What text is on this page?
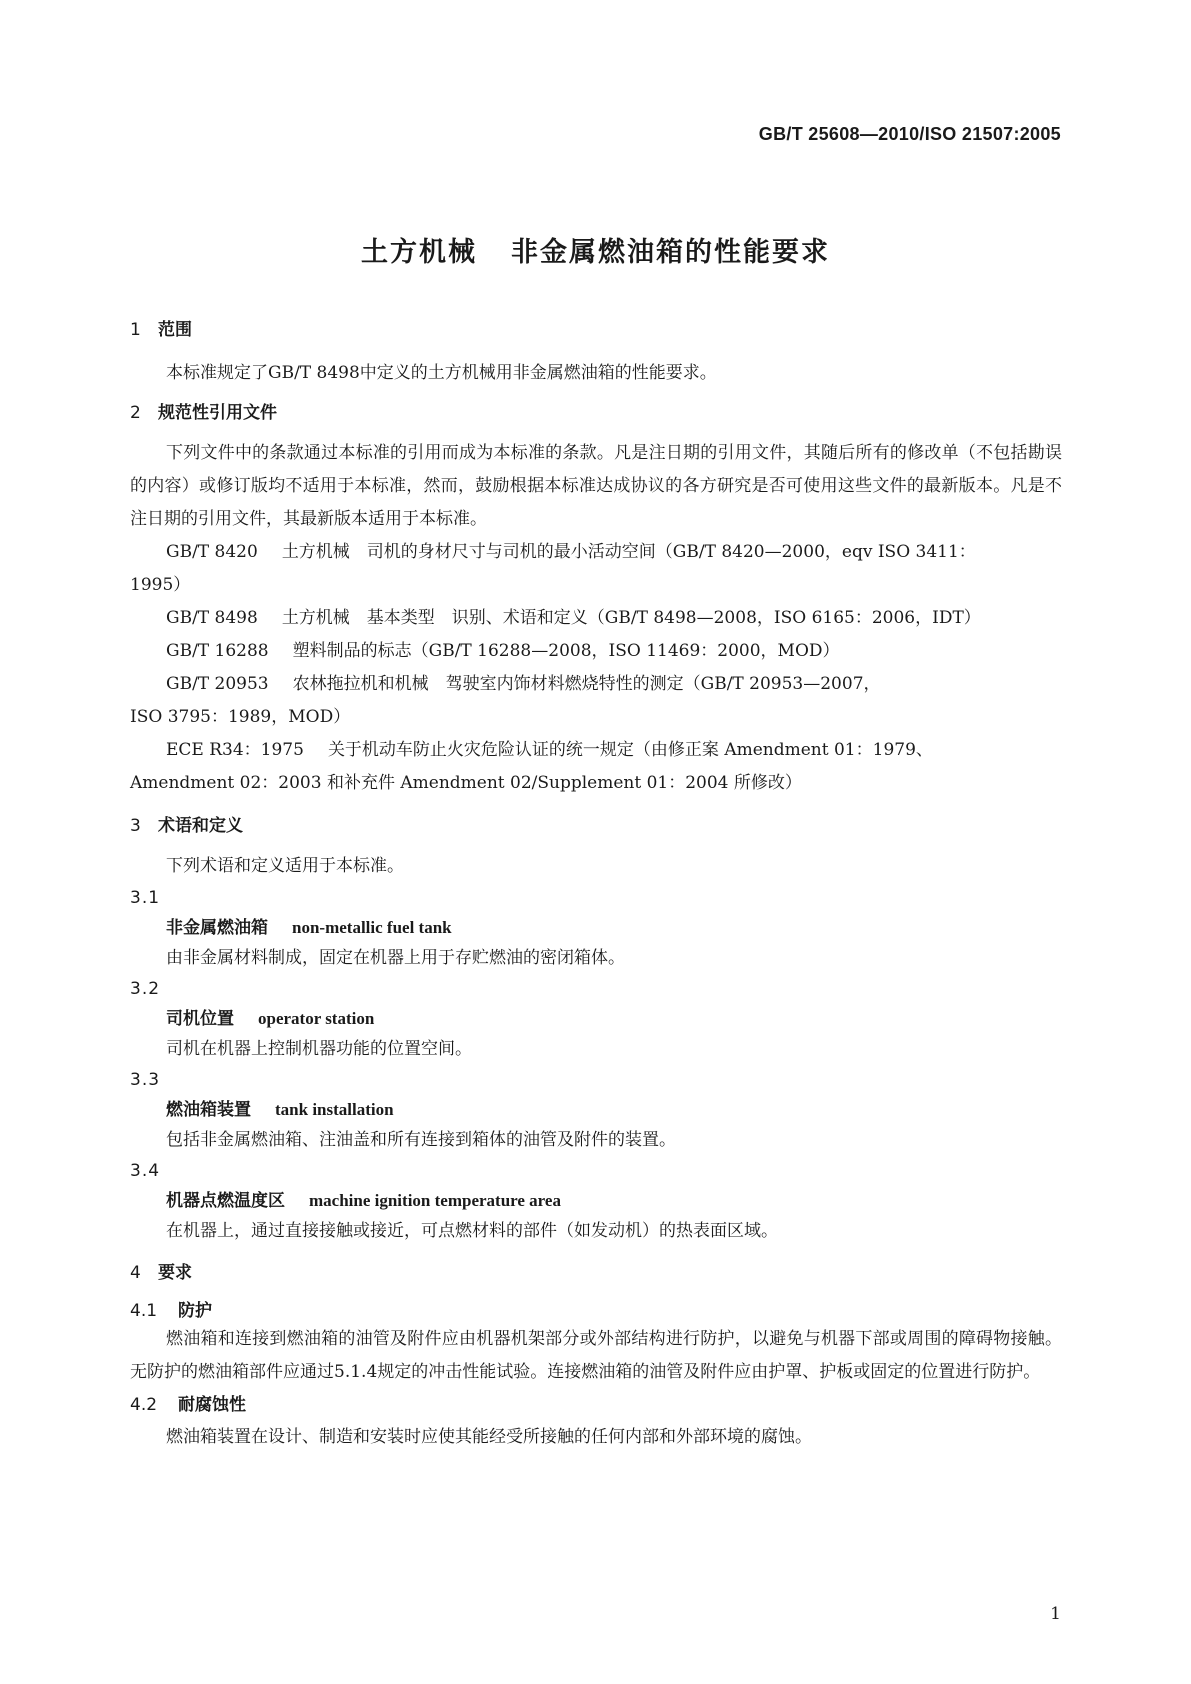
GB/T 25608—2010/ISO 21507:2005
土方机械 非金属燃油箱的性能要求
1 范围
本标准规定了GB/T 8498中定义的土方机械用非金属燃油箱的性能要求。
2 规范性引用文件
下列文件中的条款通过本标准的引用而成为本标准的条款。凡是注日期的引用文件，其随后所有的修改单（不包括勘误的内容）或修订版均不适用于本标准，然而，鼓励根据本标准达成协议的各方研究是否可使用这些文件的最新版本。凡是不注日期的引用文件，其最新版本适用于本标准。
GB/T 8420 土方机械　司机的身材尺寸与司机的最小活动空间（GB/T 8420—2000，eqv ISO 3411：
1995）
GB/T 8498 土方机械　基本类型　识别、术语和定义（GB/T 8498—2008，ISO 6165：2006，IDT）
GB/T 16288 塑料制品的标志（GB/T 16288—2008，ISO 11469：2000，MOD）
GB/T 20953 农林拖拉机和机械　驾驶室内饰材料燃烧特性的测定（GB/T 20953—2007，
ISO 3795：1989，MOD）
ECE R34：1975 关于机动车防止火灾危险认证的统一规定（由修正案 Amendment 01：1979、
Amendment 02：2003 和补充件 Amendment 02/Supplement 01：2004 所修改）
3 术语和定义
下列术语和定义适用于本标准。
3.1
非金属燃油箱 non-metallic fuel tank
由非金属材料制成，固定在机器上用于存贮燃油的密闭箱体。
3.2
司机位置 operator station
司机在机器上控制机器功能的位置空间。
3.3
燃油箱装置 tank installation
包括非金属燃油箱、注油盖和所有连接到箱体的油管及附件的装置。
3.4
机器点燃温度区 machine ignition temperature area
在机器上，通过直接接触或接近，可点燃材料的部件（如发动机）的热表面区域。
4 要求
4.1 防护
燃油箱和连接到燃油箱的油管及附件应由机器机架部分或外部结构进行防护，以避免与机器下部或周围的障碍物接触。无防护的燃油箱部件应通过5.1.4规定的冲击性能试验。连接燃油箱的油管及附件应由护罩、护板或固定的位置进行防护。
4.2 耐腐蚀性
燃油箱装置在设计、制造和安装时应使其能经受所接触的任何内部和外部环境的腐蚀。
1
